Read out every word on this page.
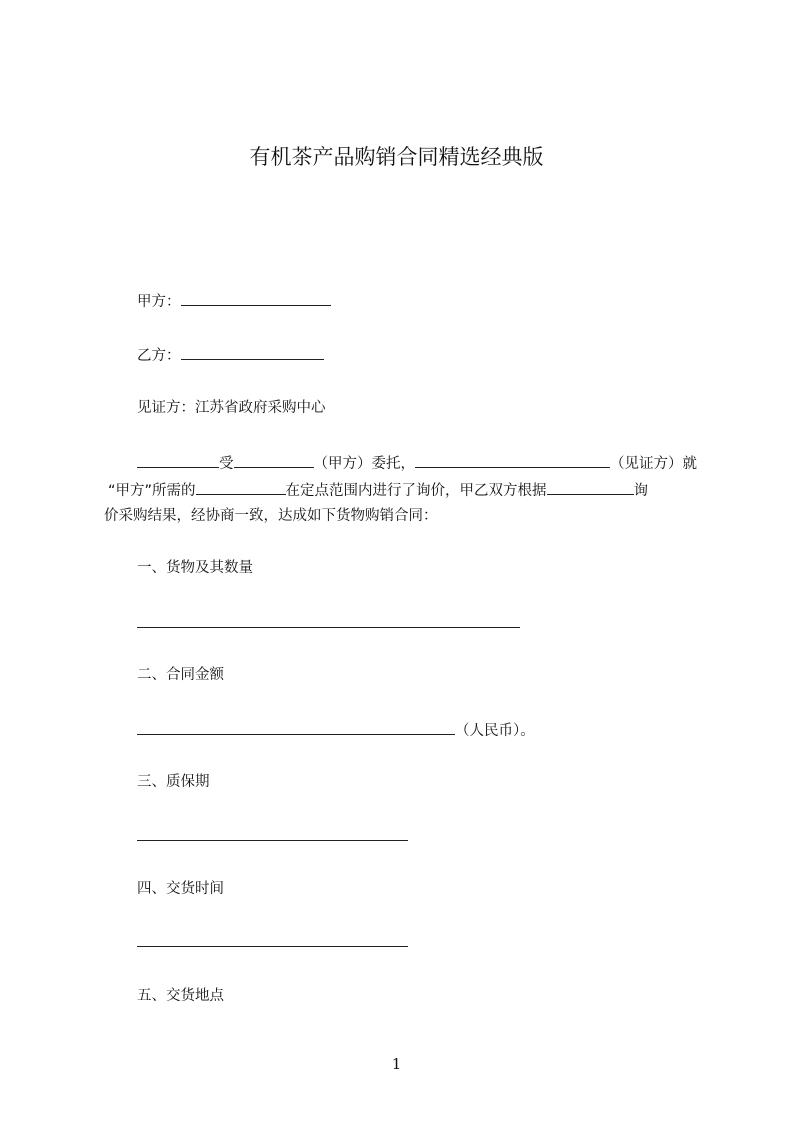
有机茶产品购销合同精选经典版
甲方：
乙方：
见证方：江苏省政府采购中心
受	（甲方）委托，	（见证方）就
“甲方”所需的	在定点范围内进行了询价，甲乙双方根据	询
价采购结果，经协商一致，达成如下货物购销合同：
一、货物及其数量
二、合同金额
（人民币）。
三、质保期
四、交货时间
五、交货地点
1
